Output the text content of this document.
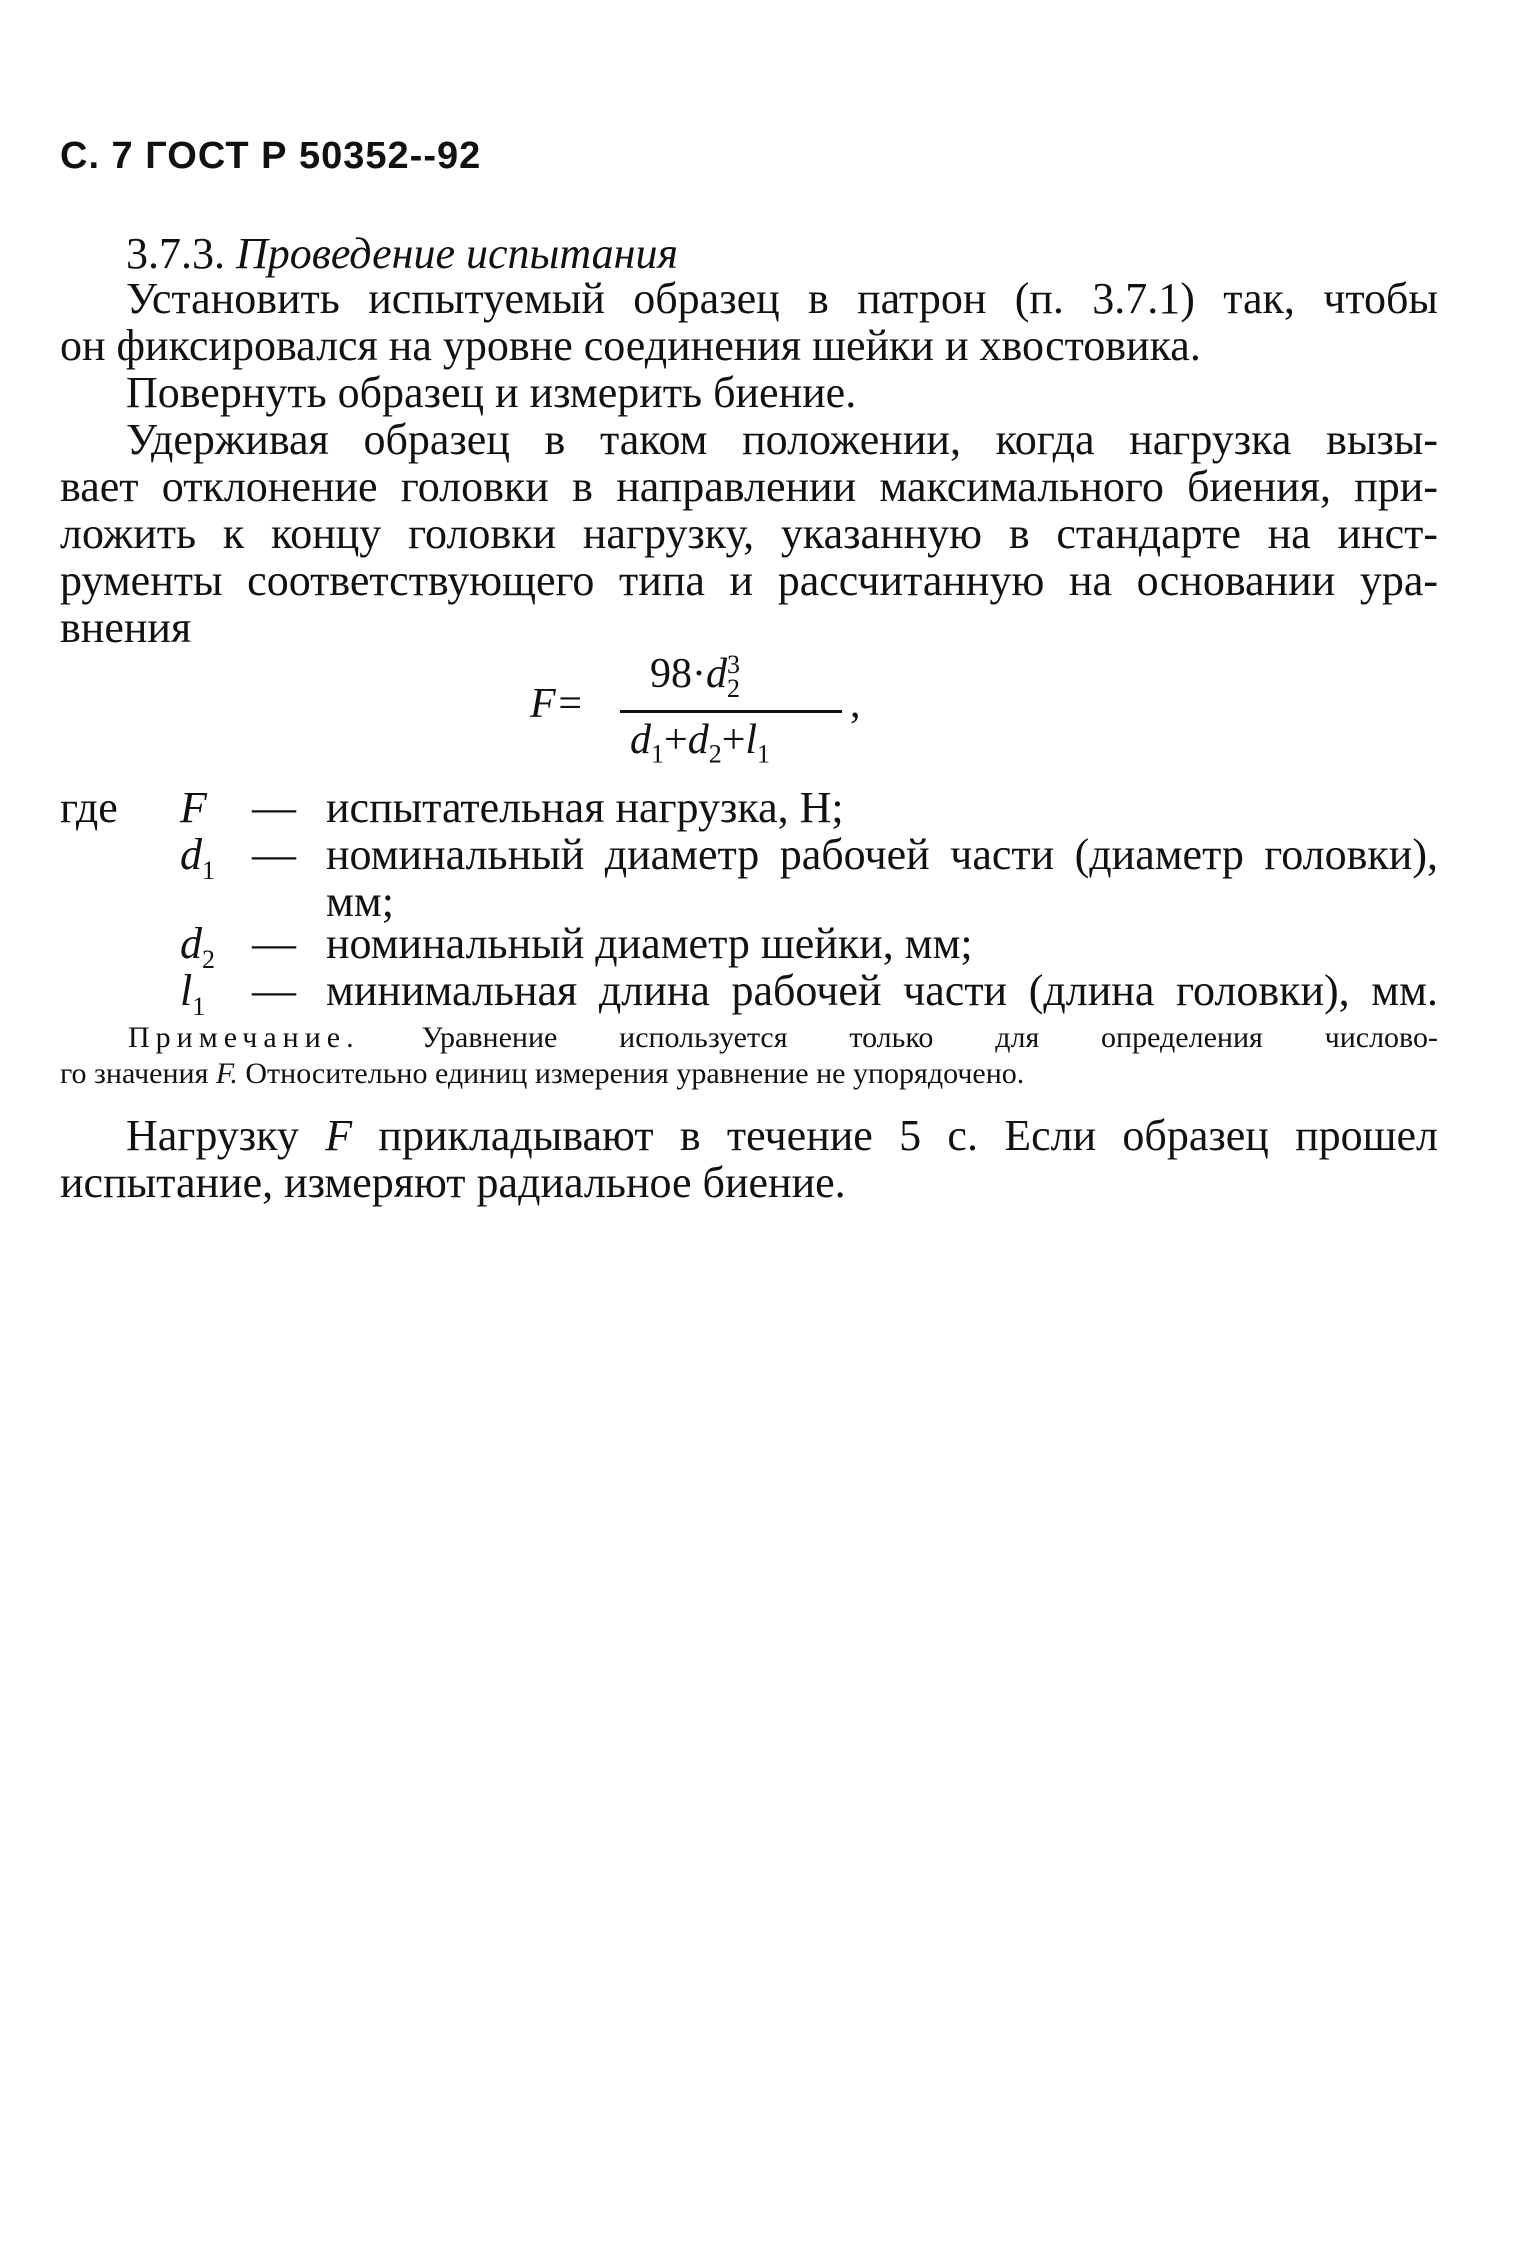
С. 7 ГОСТ Р 50352--92
3.7.3. Проведение испытания
Установить испытуемый образец в патрон (п. 3.7.1) так, чтобы
он фиксировался на уровне соединения шейки и хвостовика.
Повернуть образец и измерить биение.
Удерживая образец в таком положении, когда нагрузка вызы-
вает отклонение головки в направлении максимального биения, при-
ложить к концу головки нагрузку, указанную в стандарте на инст-
рументы соответствующего типа и рассчитанную на основании ура-
внения
F=
98·d 3
2
$d_1+d_2+l_1$
,
где F	— испытательная нагрузка, Н;
$d_1$ — номинальный диаметр рабочей части (диаметр головки),
мм;
$d_2$ — номинальный диаметр шейки, мм;
$l_1$	— минимальная длина рабочей части (длина головки), мм.
Примечание. Уравнение используется только для определения числово-
го значения F. Относительно единиц измерения уравнение не упорядочено.
Нагрузку F прикладывают в течение 5 с. Если образец прошел
испытание, измеряют радиальное биение.
